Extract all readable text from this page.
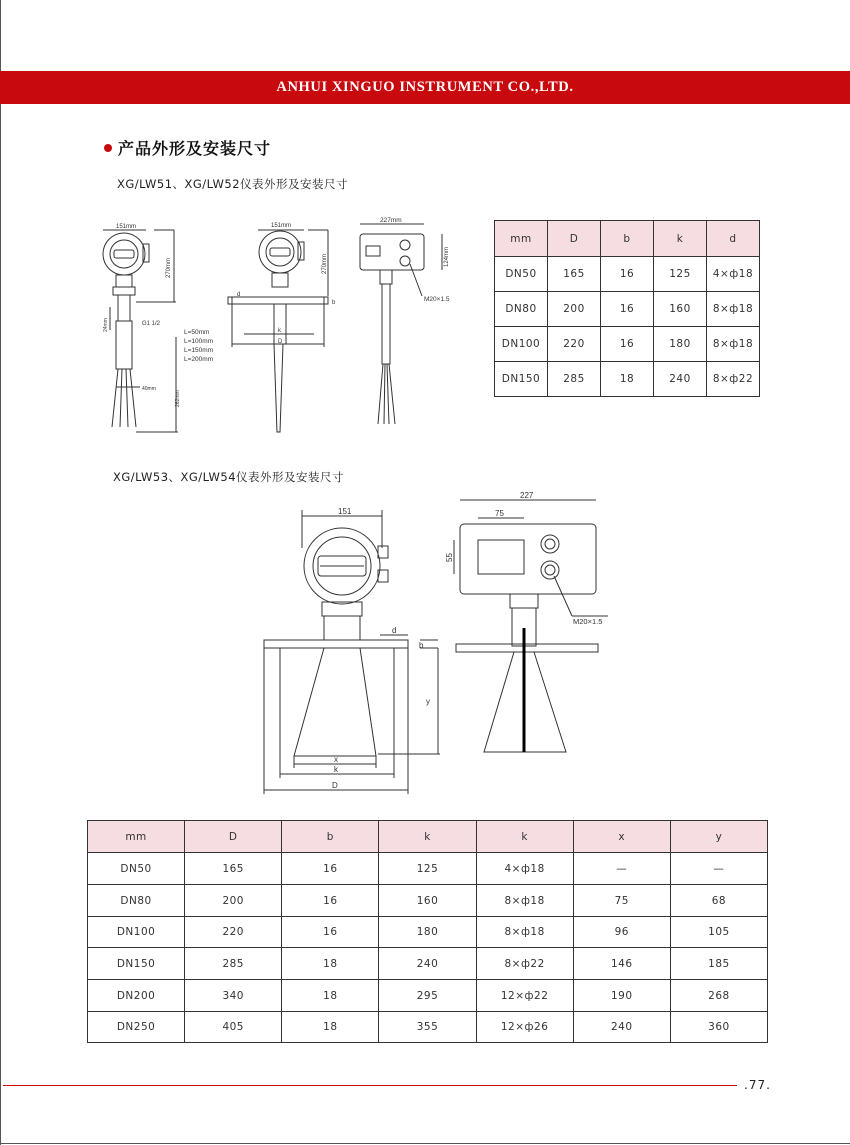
ANHUI XINGUO INSTRUMENT CO.,LTD.
产品外形及安装尺寸
XG/LW51、XG/LW52仪表外形及安装尺寸
151mm
270mm
G1 1/2
24mm
L=50mm
L=100mm
L=150mm
L=200mm
40mm
262mm
151mm
270mm
d
b
k
D
227mm
124mm
M20×1.5
mm	D	b	k	d
DN50	165	16	125	4×ф18
DN80	200	16	160	8×ф18
DN100	220	16	180	8×ф18
DN150	285	18	240	8×ф22
XG/LW53、XG/LW54仪表外形及安装尺寸
151
d
b
y
x
k
D
227
75
55
M20×1.5
mm	D	b	k	k	x	y
DN50	165	16	125	4×ф18	—	—
DN80	200	16	160	8×ф18	75	68
DN100	220	16	180	8×ф18	96	105
DN150	285	18	240	8×ф22	146	185
DN200	340	18	295	12×ф22	190	268
DN250	405	18	355	12×ф26	240	360
.77.
